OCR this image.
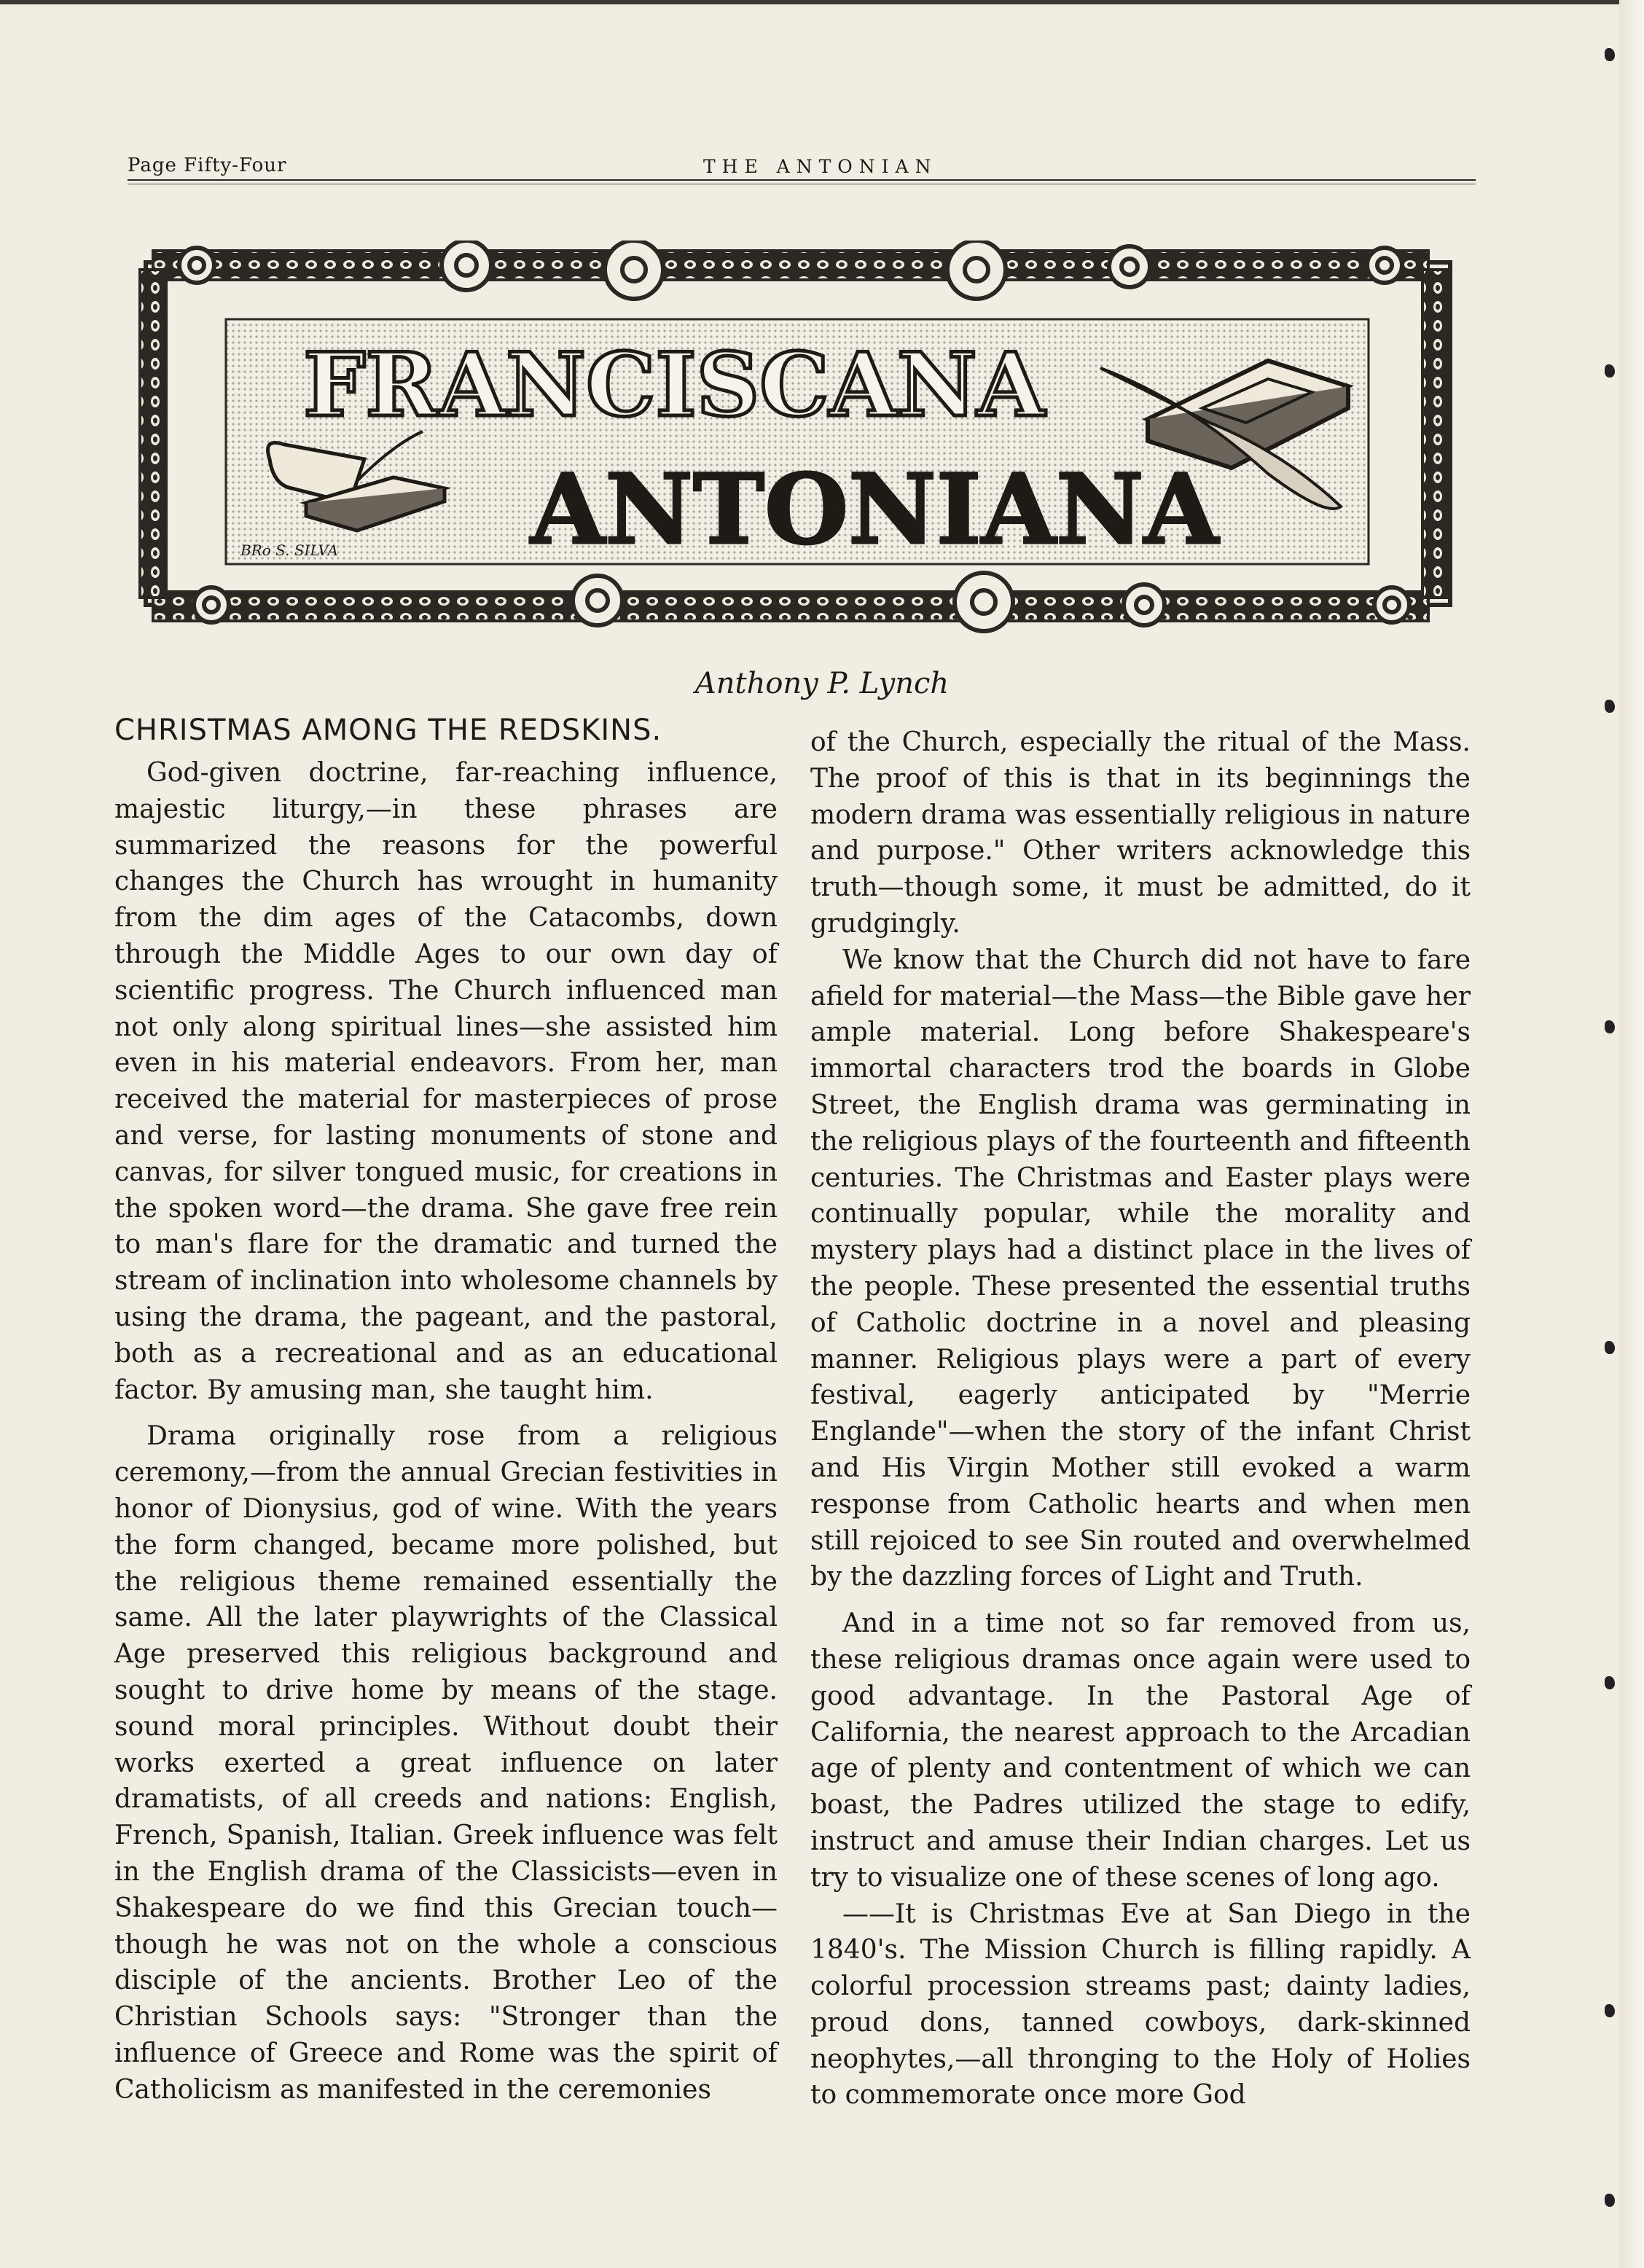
Page Fifty-Four	THE ANTONIAN
FRANCISCANA
ANTONIANA
BRo S. SILVA
Anthony P. Lynch
CHRISTMAS AMONG THE REDSKINS.

God-given doctrine, far-reaching influence, majestic liturgy,—in these phrases are summarized the reasons for the powerful changes the Church has wrought in humanity from the dim ages of the Catacombs, down through the Middle Ages to our own day of scientific progress. The Church influenced man not only along spiritual lines—she assisted him even in his material endeavors. From her, man received the material for masterpieces of prose and verse, for lasting monuments of stone and canvas, for silver tongued music, for creations in the spoken word—the drama. She gave free rein to man's flare for the dramatic and turned the stream of inclination into wholesome channels by using the drama, the pageant, and the pastoral, both as a recreational and as an educational factor. By amusing man, she taught him.

Drama originally rose from a religious ceremony,—from the annual Grecian festivities in honor of Dionysius, god of wine. With the years the form changed, became more polished, but the religious theme remained essentially the same. All the later playwrights of the Classical Age preserved this religious background and sought to drive home by means of the stage. sound moral principles. Without doubt their works exerted a great influence on later dramatists, of all creeds and nations: English, French, Spanish, Italian. Greek influence was felt in the English drama of the Classicists—even in Shakespeare do we find this Grecian touch—though he was not on the whole a conscious disciple of the ancients. Brother Leo of the Christian Schools says: "Stronger than the influence of Greece and Rome was the spirit of Catholicism as manifested in the ceremonies

of the Church, especially the ritual of the Mass. The proof of this is that in its beginnings the modern drama was essentially religious in nature and purpose." Other writers acknowledge this truth—though some, it must be admitted, do it grudgingly.

We know that the Church did not have to fare afield for material—the Mass—the Bible gave her ample material. Long before Shakespeare's immortal characters trod the boards in Globe Street, the English drama was germinating in the religious plays of the fourteenth and fifteenth centuries. The Christmas and Easter plays were continually popular, while the morality and mystery plays had a distinct place in the lives of the people. These presented the essential truths of Catholic doctrine in a novel and pleasing manner. Religious plays were a part of every festival, eagerly anticipated by "Merrie Englande"—when the story of the infant Christ and His Virgin Mother still evoked a warm response from Catholic hearts and when men still rejoiced to see Sin routed and overwhelmed by the dazzling forces of Light and Truth.

And in a time not so far removed from us, these religious dramas once again were used to good advantage. In the Pastoral Age of California, the nearest approach to the Arcadian age of plenty and contentment of which we can boast, the Padres utilized the stage to edify, instruct and amuse their Indian charges. Let us try to visualize one of these scenes of long ago.

——It is Christmas Eve at San Diego in the 1840's. The Mission Church is filling rapidly. A colorful procession streams past; dainty ladies, proud dons, tanned cowboys, dark-skinned neophytes,—all thronging to the Holy of Holies to commemorate once more God
